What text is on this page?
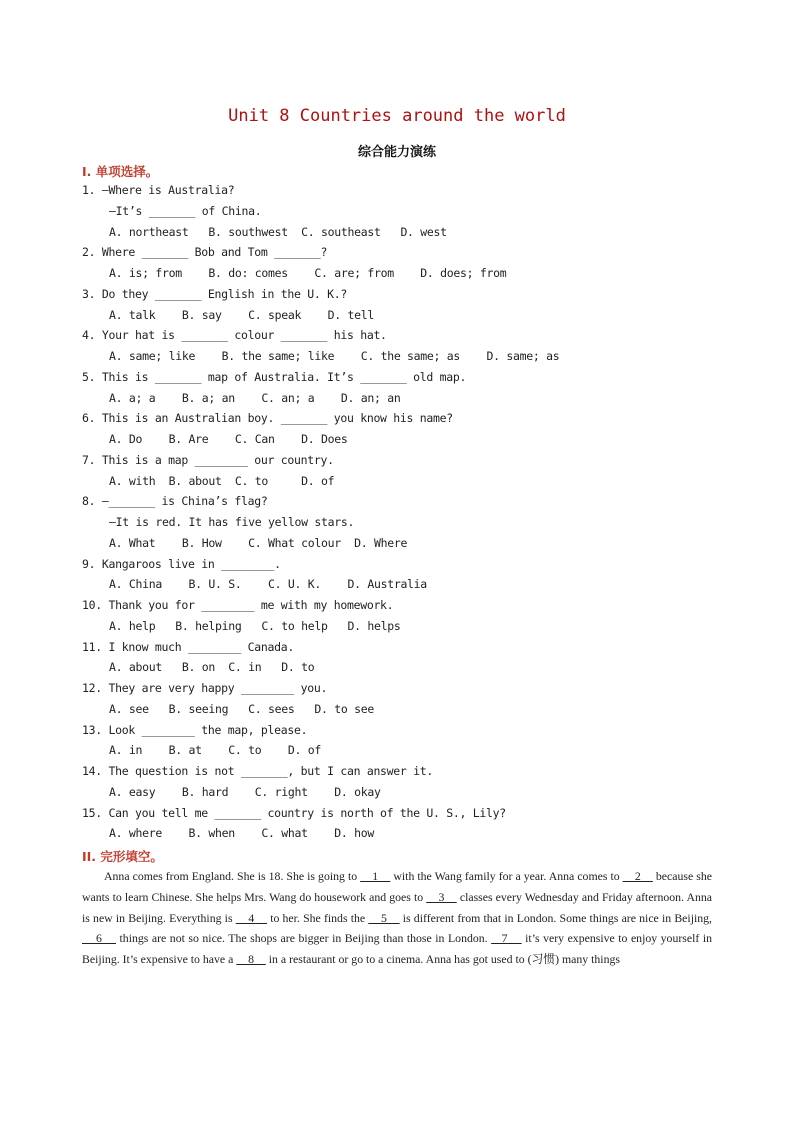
Unit 8 Countries around the world
综合能力演练
I. 单项选择。
1. —Where is Australia?
—It’s _______ of China.
A. northeast   B. southwest  C. southeast   D. west
2. Where _______ Bob and Tom _______?
A. is; from    B. do: comes    C. are; from    D. does; from
3. Do they _______ English in the U. K.?
A. talk    B. say    C. speak    D. tell
4. Your hat is _______ colour _______ his hat.
A. same; like    B. the same; like    C. the same; as    D. same; as
5. This is _______ map of Australia. It’s _______ old map.
A. a; a    B. a; an    C. an; a    D. an; an
6. This is an Australian boy. _______ you know his name?
A. Do    B. Are    C. Can    D. Does
7. This is a map ________ our country.
A. with  B. about  C. to     D. of
8. —_______ is China’s flag?
—It is red. It has five yellow stars.
A. What    B. How    C. What colour  D. Where
9. Kangaroos live in ________.
A. China    B. U. S.    C. U. K.    D. Australia
10. Thank you for ________ me with my homework.
A. help   B. helping   C. to help   D. helps
11. I know much ________ Canada.
A. about   B. on  C. in   D. to
12. They are very happy ________ you.
A. see   B. seeing   C. sees   D. to see
13. Look ________ the map, please.
A. in    B. at    C. to    D. of
14. The question is not _______, but I can answer it.
A. easy    B. hard    C. right    D. okay
15. Can you tell me _______ country is north of the U. S., Lily?
A. where    B. when    C. what    D. how
II. 完形填空。
Anna comes from England. She is 18. She is going to     1     with the Wang family for a year. Anna comes to     2     because she wants to learn Chinese. She helps Mrs. Wang do housework and goes to     3     classes every Wednesday and Friday afternoon. Anna is new in Beijing. Everything is     4     to her. She finds the     5     is different from that in London. Some things are nice in Beijing,     6     things are not so nice. The shops are bigger in Beijing than those in London.    7     it’s very expensive to enjoy yourself in Beijing. It’s expensive to have a     8     in a restaurant or go to a cinema. Anna has got used to (习惯) many things
